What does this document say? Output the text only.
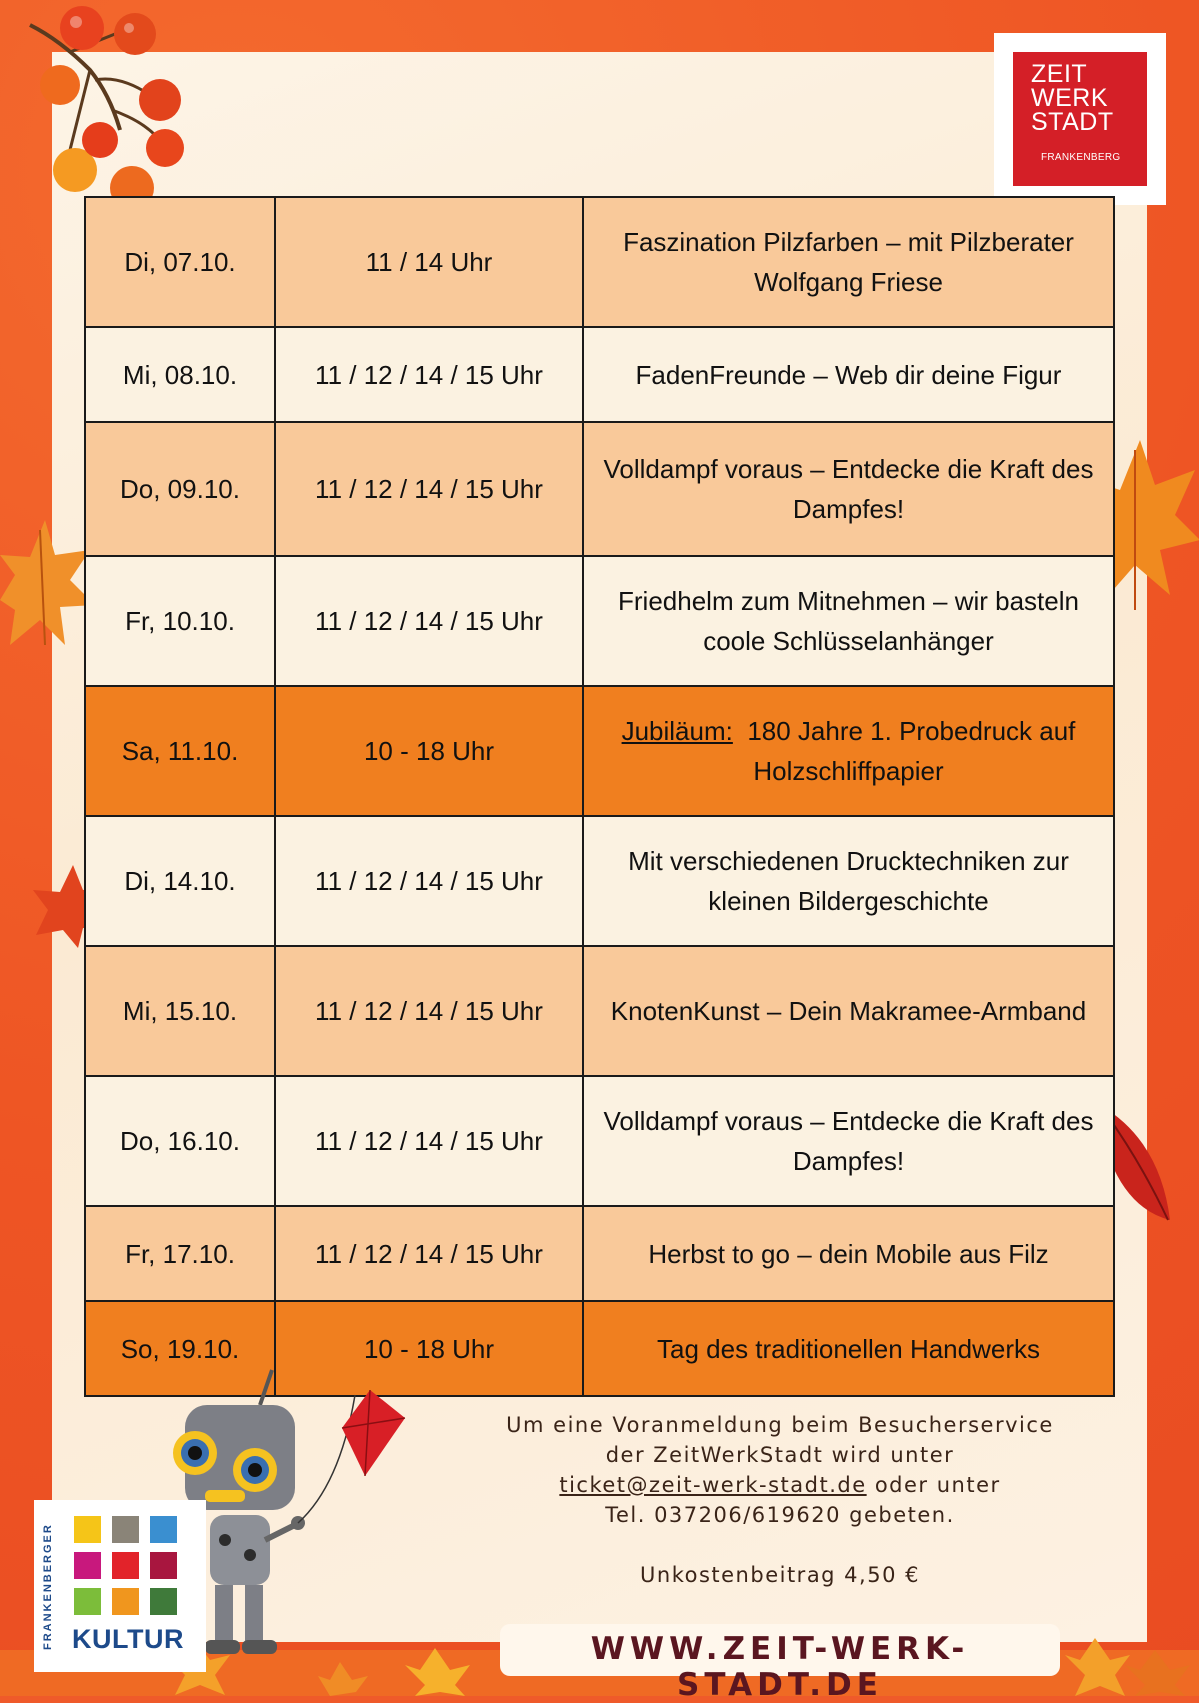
ZEIT
WERK
STADT
FRANKENBERG
Di, 07.10.	11 / 14 Uhr	Faszination Pilzfarben – mit Pilzberater Wolfgang Friese
Mi, 08.10.	11 / 12 / 14 / 15 Uhr	FadenFreunde – Web dir deine Figur
Do, 09.10.	11 / 12 / 14 / 15 Uhr	Volldampf voraus – Entdecke die Kraft des Dampfes!
Fr, 10.10.	11 / 12 / 14 / 15 Uhr	Friedhelm zum Mitnehmen – wir basteln coole Schlüsselanhänger
Sa, 11.10.	10 - 18 Uhr	Jubiläum: 180 Jahre 1. Probedruck auf Holzschliffpapier
Di, 14.10.	11 / 12 / 14 / 15 Uhr	Mit verschiedenen Drucktechniken zur kleinen Bildergeschichte
Mi, 15.10.	11 / 12 / 14 / 15 Uhr	KnotenKunst – Dein Makramee-Armband
Do, 16.10.	11 / 12 / 14 / 15 Uhr	Volldampf voraus – Entdecke die Kraft des Dampfes!
Fr, 17.10.	11 / 12 / 14 / 15 Uhr	Herbst to go – dein Mobile aus Filz
So, 19.10.	10 - 18 Uhr	Tag des traditionellen Handwerks
Um eine Voranmeldung beim Besucherservice
der ZeitWerkStadt wird unter
ticket@zeit-werk-stadt.de oder unter
Tel. 037206/619620 gebeten.
Unkostenbeitrag 4,50 €
WWW.ZEIT-WERK-STADT.DE
FRANKENBERGER KULTUR
